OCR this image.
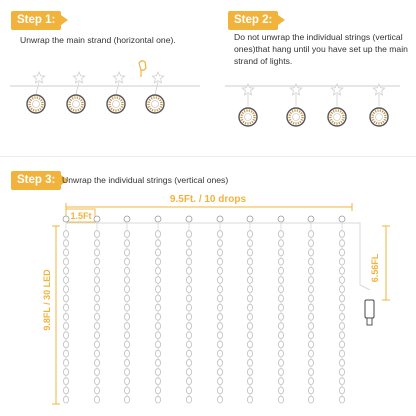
Step 1:
Unwrap the main strand (horizontal one).
Step 2:
Do not unwrap the individual strings (vertical ones)that hang until you have set up the main strand of lights.
Step 3: Unwrap the individual strings (vertical ones)
9.5Ft. / 10 drops
1.5Ft
9.8FL / 30 LED
6.56FL
